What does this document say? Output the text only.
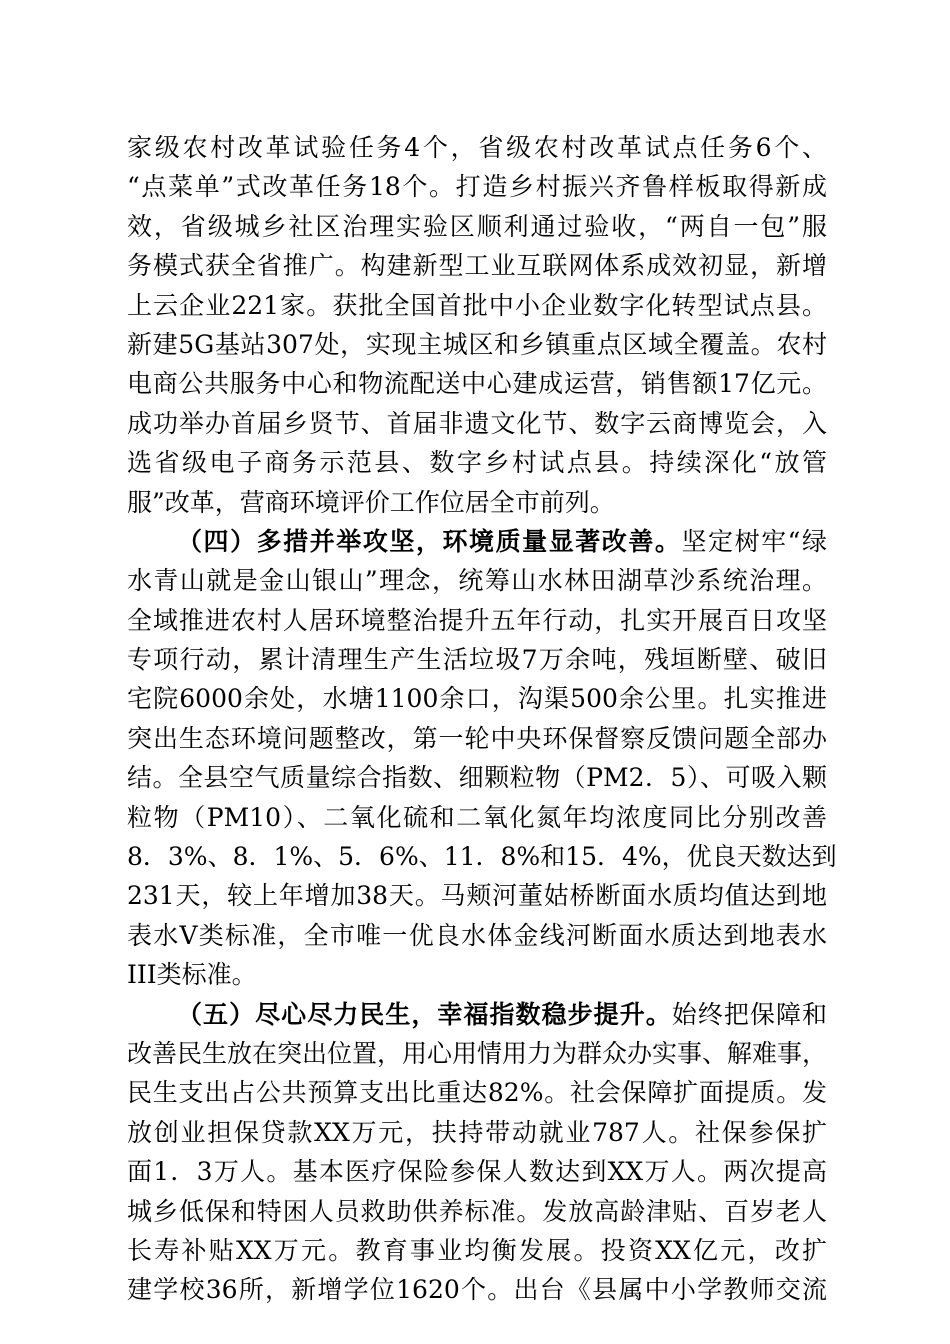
家级农村改革试验任务4个，省级农村改革试点任务6个、
“点菜单”式改革任务18个。打造乡村振兴齐鲁样板取得新成
效，省级城乡社区治理实验区顺利通过验收，“两自一包”服
务模式获全省推广。构建新型工业互联网体系成效初显，新增
上云企业221家。获批全国首批中小企业数字化转型试点县。
新建5G基站307处，实现主城区和乡镇重点区域全覆盖。农村
电商公共服务中心和物流配送中心建成运营，销售额17亿元。
成功举办首届乡贤节、首届非遗文化节、数字云商博览会，入
选省级电子商务示范县、数字乡村试点县。持续深化“放管
服”改革，营商环境评价工作位居全市前列。
（四）多措并举攻坚，环境质量显著改善。坚定树牢“绿
水青山就是金山银山”理念，统筹山水林田湖草沙系统治理。
全域推进农村人居环境整治提升五年行动，扎实开展百日攻坚
专项行动，累计清理生产生活垃圾7万余吨，残垣断壁、破旧
宅院6000余处，水塘1100余口，沟渠500余公里。扎实推进
突出生态环境问题整改，第一轮中央环保督察反馈问题全部办
结。全县空气质量综合指数、细颗粒物（PM2．5）、可吸入颗
粒物（PM10）、二氧化硫和二氧化氮年均浓度同比分别改善
8．3%、8．1%、5．6%、11．8%和15．4%，优良天数达到
231天，较上年增加38天。马颊河董姑桥断面水质均值达到地
表水V类标准，全市唯一优良水体金线河断面水质达到地表水
III类标准。
（五）尽心尽力民生，幸福指数稳步提升。始终把保障和
改善民生放在突出位置，用心用情用力为群众办实事、解难事，
民生支出占公共预算支出比重达82%。社会保障扩面提质。发
放创业担保贷款XX万元，扶持带动就业787人。社保参保扩
面1．3万人。基本医疗保险参保人数达到XX万人。两次提高
城乡低保和特困人员救助供养标准。发放高龄津贴、百岁老人
长寿补贴XX万元。教育事业均衡发展。投资XX亿元，改扩
建学校36所，新增学位1620个。出台《县属中小学教师交流
